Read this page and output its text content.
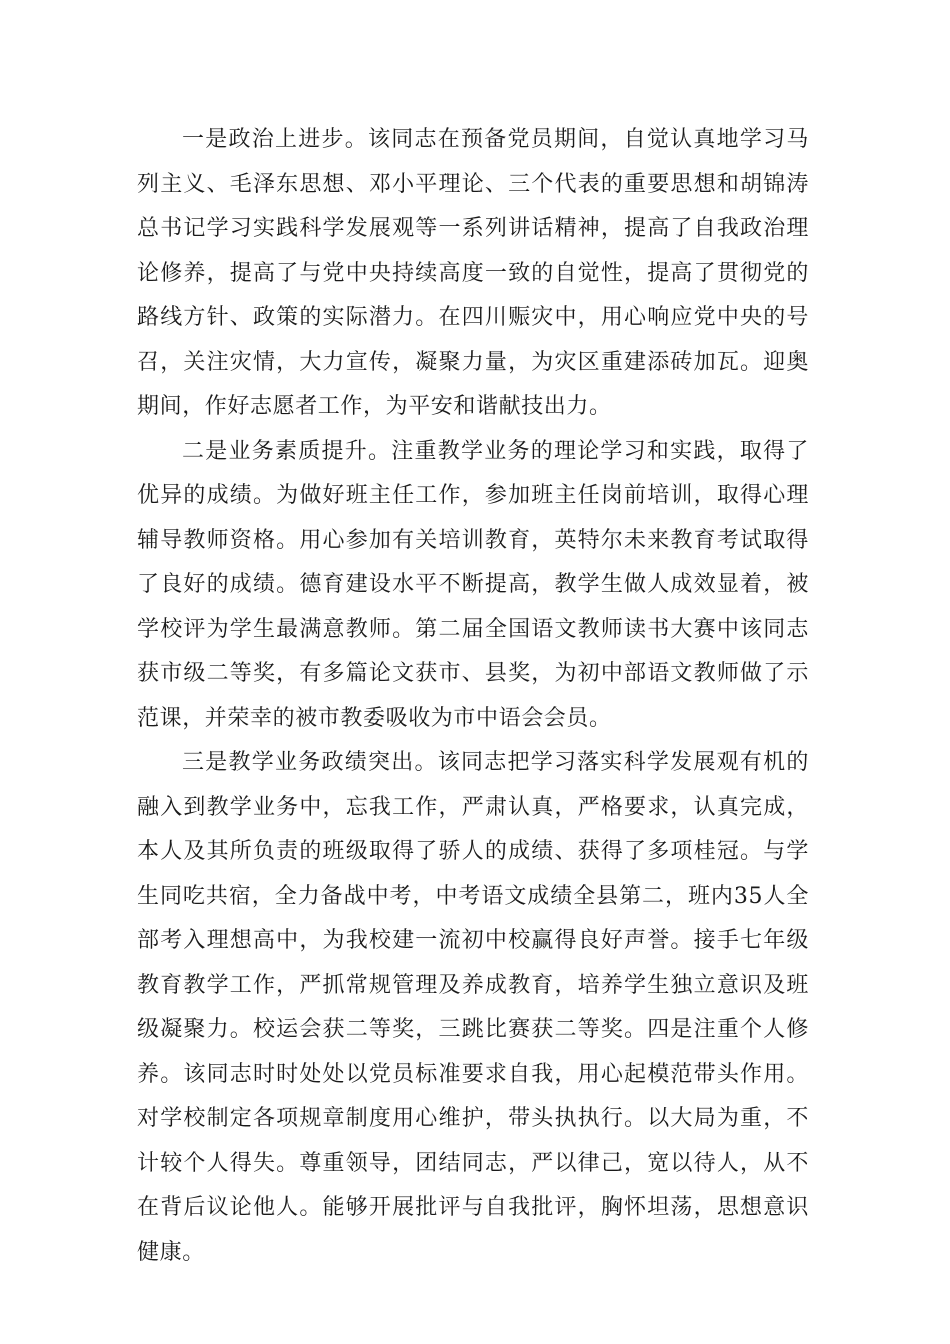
一是政治上进步。该同志在预备党员期间，自觉认真地学习马列主义、毛泽东思想、邓小平理论、三个代表的重要思想和胡锦涛总书记学习实践科学发展观等一系列讲话精神，提高了自我政治理论修养，提高了与党中央持续高度一致的自觉性，提高了贯彻党的路线方针、政策的实际潜力。在四川赈灾中，用心响应党中央的号召，关注灾情，大力宣传，凝聚力量，为灾区重建添砖加瓦。迎奥期间，作好志愿者工作，为平安和谐献技出力。

二是业务素质提升。注重教学业务的理论学习和实践，取得了优异的成绩。为做好班主任工作，参加班主任岗前培训，取得心理辅导教师资格。用心参加有关培训教育，英特尔未来教育考试取得了良好的成绩。德育建设水平不断提高，教学生做人成效显着，被学校评为学生最满意教师。第二届全国语文教师读书大赛中该同志获市级二等奖，有多篇论文获市、县奖，为初中部语文教师做了示范课，并荣幸的被市教委吸收为市中语会会员。

三是教学业务政绩突出。该同志把学习落实科学发展观有机的融入到教学业务中，忘我工作，严肃认真，严格要求，认真完成，本人及其所负责的班级取得了骄人的成绩、获得了多项桂冠。与学生同吃共宿，全力备战中考，中考语文成绩全县第二，班内35人全部考入理想高中，为我校建一流初中校赢得良好声誉。接手七年级教育教学工作，严抓常规管理及养成教育，培养学生独立意识及班级凝聚力。校运会获二等奖，三跳比赛获二等奖。四是注重个人修养。该同志时时处处以党员标准要求自我，用心起模范带头作用。对学校制定各项规章制度用心维护，带头执执行。以大局为重，不计较个人得失。尊重领导，团结同志，严以律己，宽以待人，从不在背后议论他人。能够开展批评与自我批评，胸怀坦荡，思想意识健康。
